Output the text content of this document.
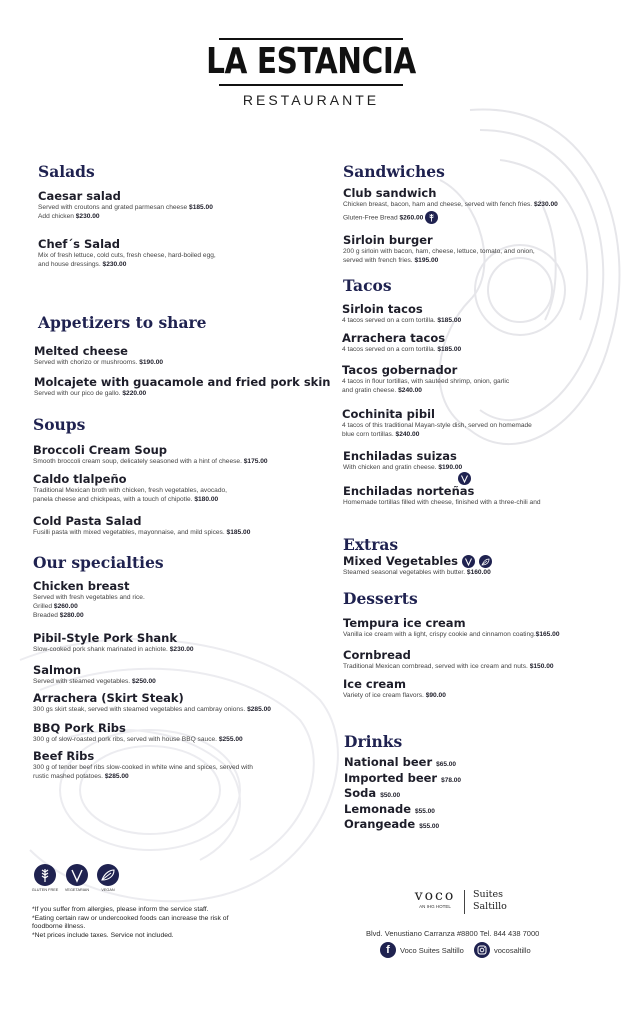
LA ESTANCIA
RESTAURANTE
Salads
Caesar salad
Served with croutons and grated parmesan cheese $185.00
Add chicken $230.00
Chef´s Salad
Mix of fresh lettuce, cold cuts, fresh cheese, hard-boiled egg,
and house dressings. $230.00
Appetizers to share
Melted cheese
Served with chorizo or mushrooms. $190.00
Molcajete with guacamole and fried pork skin
Served with our pico de gallo. $220.00
Soups
Broccoli Cream Soup
Smooth broccoli cream soup, delicately seasoned with a hint of cheese. $175.00
Caldo tlalpeño
Traditional Mexican broth with chicken, fresh vegetables, avocado,
panela cheese and chickpeas, with a touch of chipotle. $180.00
Cold Pasta Salad
Fusilli pasta with mixed vegetables, mayonnaise, and mild spices. $185.00
Our specialties
Chicken breast
Served with fresh vegetables and rice.
Grilled $260.00
Breaded $280.00
Pibil-Style Pork Shank
Slow-cooked pork shank marinated in achiote. $230.00
Salmon
Served with steamed vegetables. $250.00
Arrachera (Skirt Steak)
300 gs skirt steak, served with steamed vegetables and cambray onions. $285.00
BBQ Pork Ribs
300 g of slow-roasted pork ribs, served with house BBQ sauce. $255.00
Beef Ribs
300 g of tender beef ribs slow-cooked in white wine and spices, served with
rustic mashed potatoes. $285.00
GLUTEN FREE	VEGETARIAN	VEGAN
*If you suffer from allergies, please inform the service staff.
*Eating certain raw or undercooked foods can increase the risk of
foodborne illness.
*Net prices include taxes. Service not included.
Sandwiches
Club sandwich
Chicken breast, bacon, ham and cheese, served with fench fries. $230.00
Gluten-Free Bread $260.00
Sirloin burger
200 g sirloin with bacon, ham, cheese, lettuce, tomato, and onion,
served with french fries. $195.00
Tacos
Sirloin tacos
4 tacos served on a corn tortilla. $185.00
Arrachera tacos
4 tacos served on a corn tortilla. $185.00
Tacos gobernador
4 tacos in flour tortillas, with sautéed shrimp, onion, garlic
and gratin cheese. $240.00
Cochinita pibil
4 tacos of this traditional Mayan-style dish, served on homemade
blue corn tortillas. $240.00
Enchiladas suizas
With chicken and gratin cheese. $190.00
Enchiladas norteñas
Homemade tortillas filled with cheese, finished with a three-chili and
Extras
Mixed Vegetables

Steamed seasonal vegetables with butter. $160.00
Desserts
Tempura ice cream
Vanilla ice cream with a light, crispy cookie and cinnamon coating.$165.00
Cornbread
Traditional Mexican cornbread, served with ice cream and nuts. $150.00
Ice cream
Variety of ice cream flavors. $90.00
Drinks
National beer $65.00
Imported beer $78.00
Soda $50.00
Lemonade $55.00
Orangeade $55.00
voco
AN IHG HOTEL
Suites
Saltillo
Blvd. Venustiano Carranza #8800 Tel. 844 438 7000
f	Voco Suites Saltillo	vocosaltillo
